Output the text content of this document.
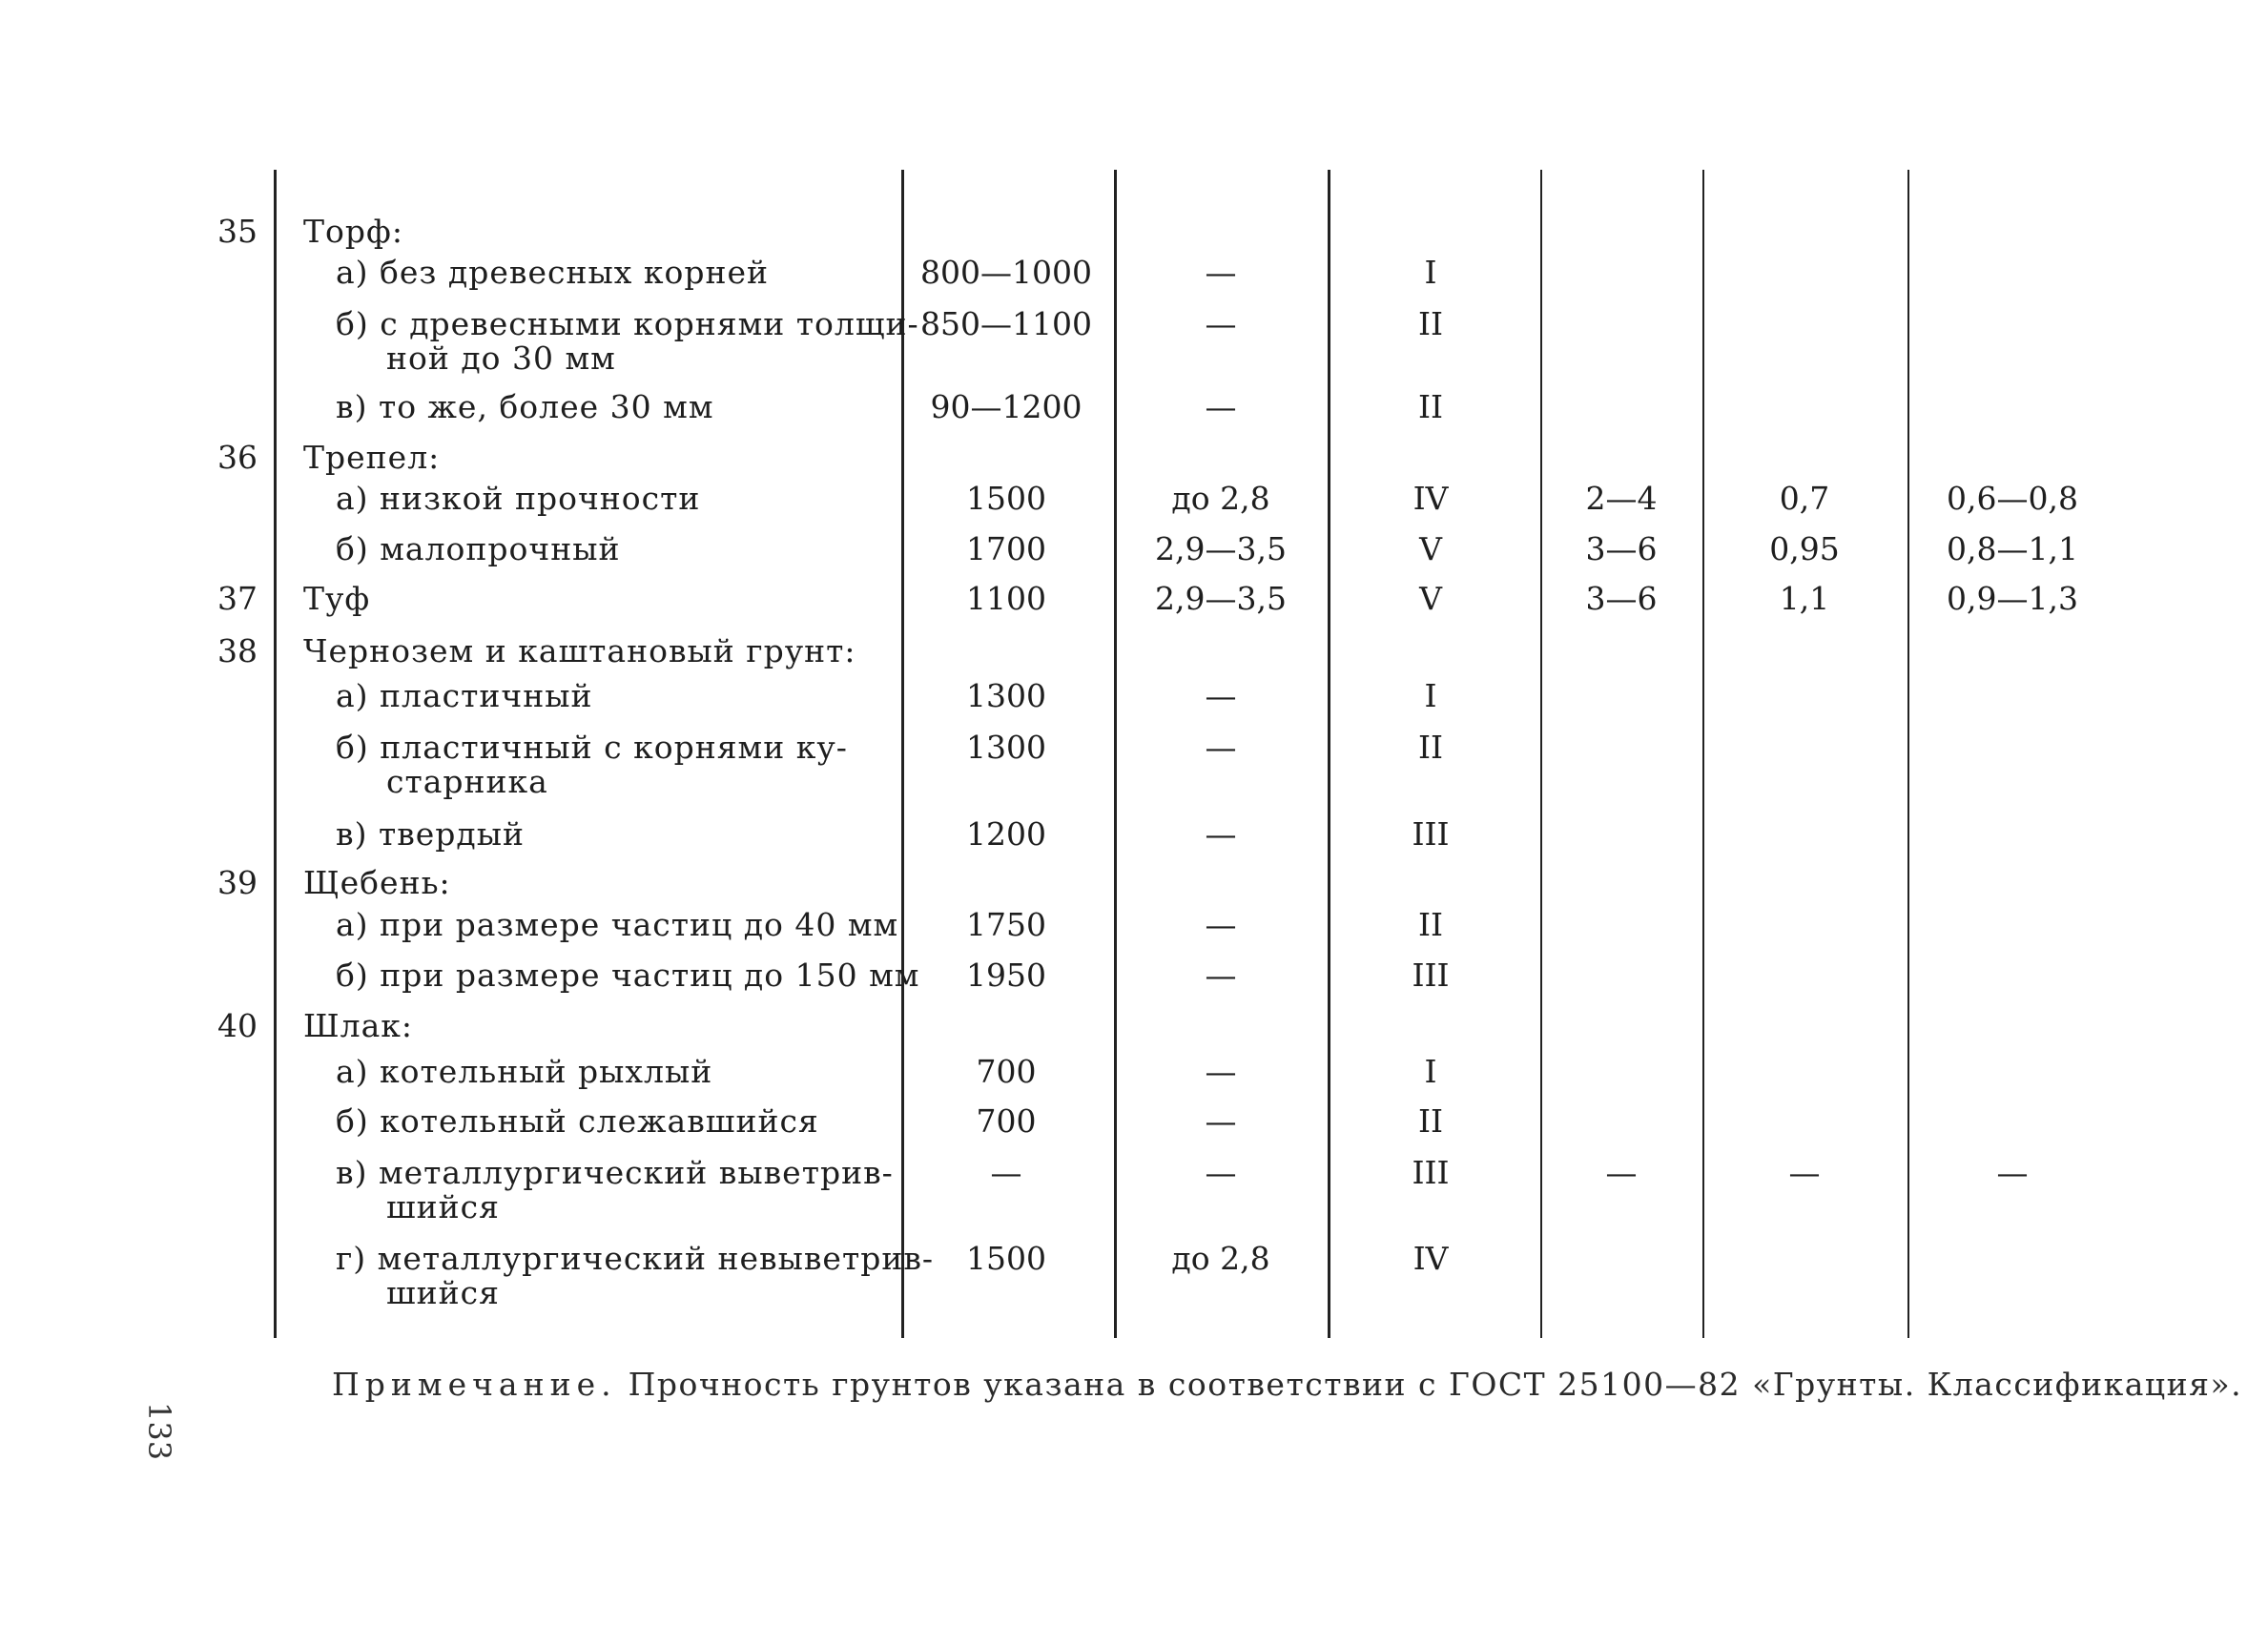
35 Торф:
а) без древесных корней	800—1000	—	I
б) с древесными корнями толщи- 850—1100	—	II
ной до 30 мм
в) то же, более 30 мм	90—1200	—	II
36 Трепел:
а) низкой прочности	1500	до 2,8	IV	2—4	0,7	0,6—0,8
б) малопрочный	1700	2,9—3,5	V	3—6	0,95	0,8—1,1
37 Туф	1100	2,9—3,5	V	3—6	1,1	0,9—1,3
38 Чернозем и каштановый грунт:
а) пластичный	1300	—	I
б) пластичный с корнями ку-	1300	—	II
старника
в) твердый	1200	—	III
39 Щебень:
а) при размере частиц до 40 мм	1750	—	II
б) при размере частиц до 150 мм	1950	—	III
40 Шлак:
а) котельный рыхлый	700	—	I
б) котельный слежавшийся	700	—	II
в) металлургический выветрив-	—	—	III	—	—	—
шийся
г) металлургический невыветрив-	1500	до 2,8	IV
шийся
Примечание. Прочность грунтов указана в соответствии с ГОСТ 25100—82 «Грунты. Классификация».
133
